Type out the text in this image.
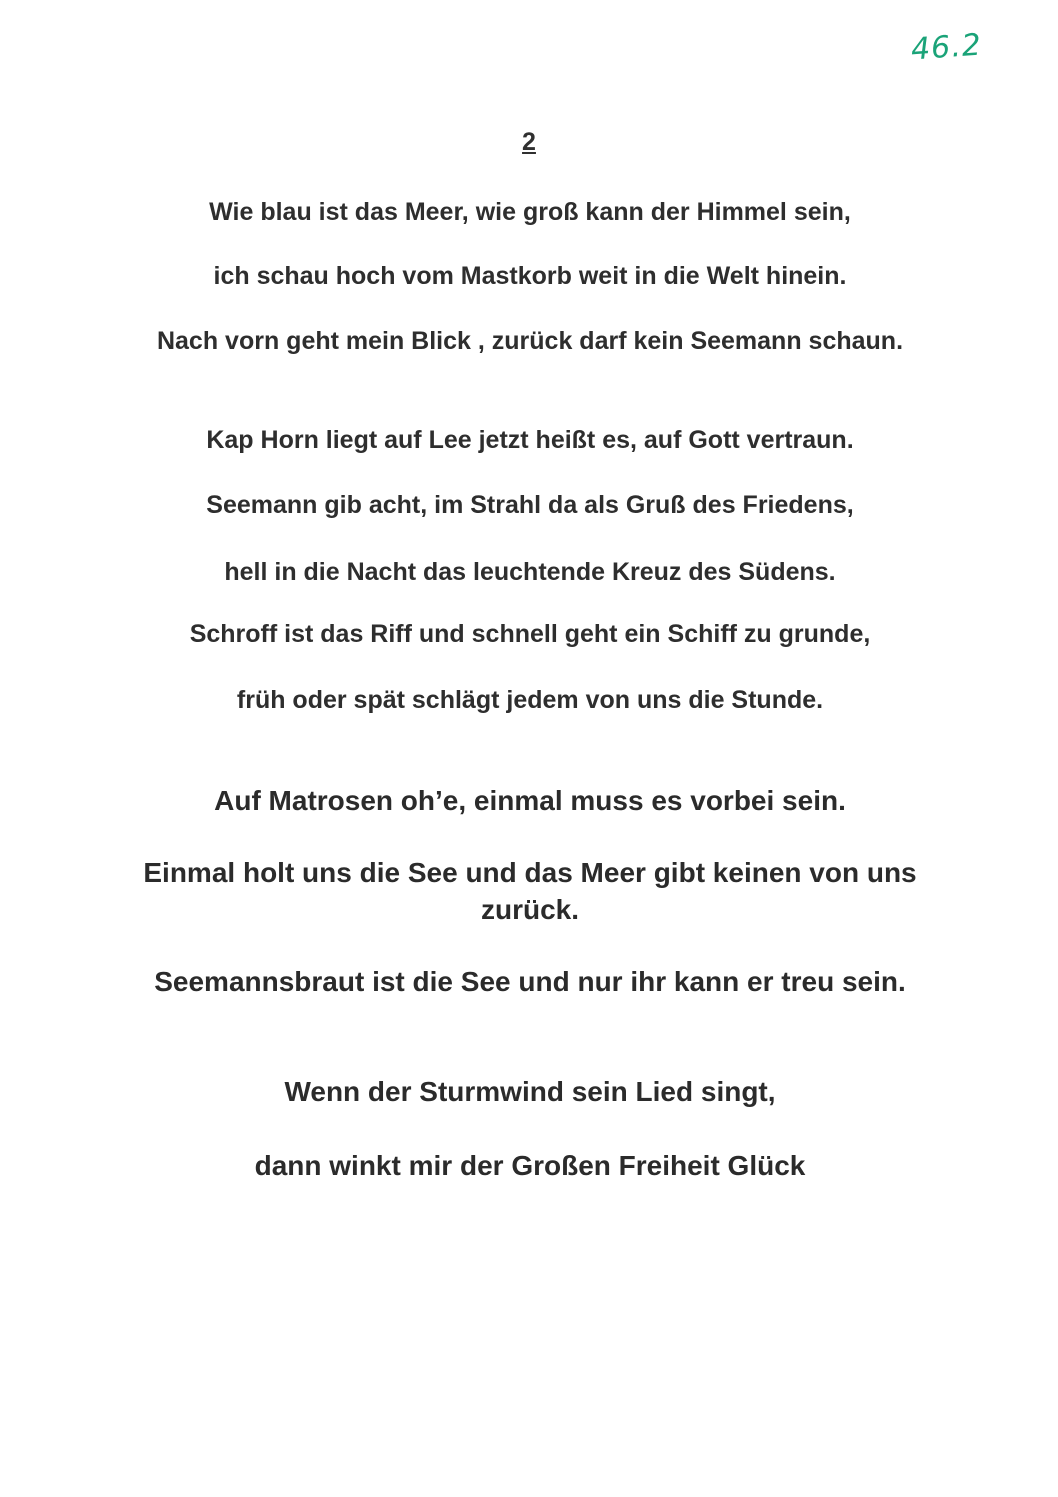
46.2
2
Wie blau ist das Meer, wie groß kann der Himmel sein,
ich schau hoch vom Mastkorb weit in die Welt hinein.
Nach vorn geht mein Blick , zurück darf kein Seemann schaun.
Kap Horn liegt auf Lee jetzt heißt es, auf Gott vertraun.
Seemann gib acht, im Strahl da als Gruß des Friedens,
hell in die Nacht das leuchtende Kreuz des Südens.
Schroff ist das Riff und schnell geht ein Schiff zu grunde,
früh oder spät schlägt jedem von uns die Stunde.
Auf Matrosen oh’e, einmal muss es vorbei sein.
Einmal holt uns die See und das Meer gibt keinen von uns zurück.
Seemannsbraut ist die See und nur ihr kann er treu sein.
Wenn der Sturmwind sein Lied singt,
dann winkt mir der Großen Freiheit Glück
